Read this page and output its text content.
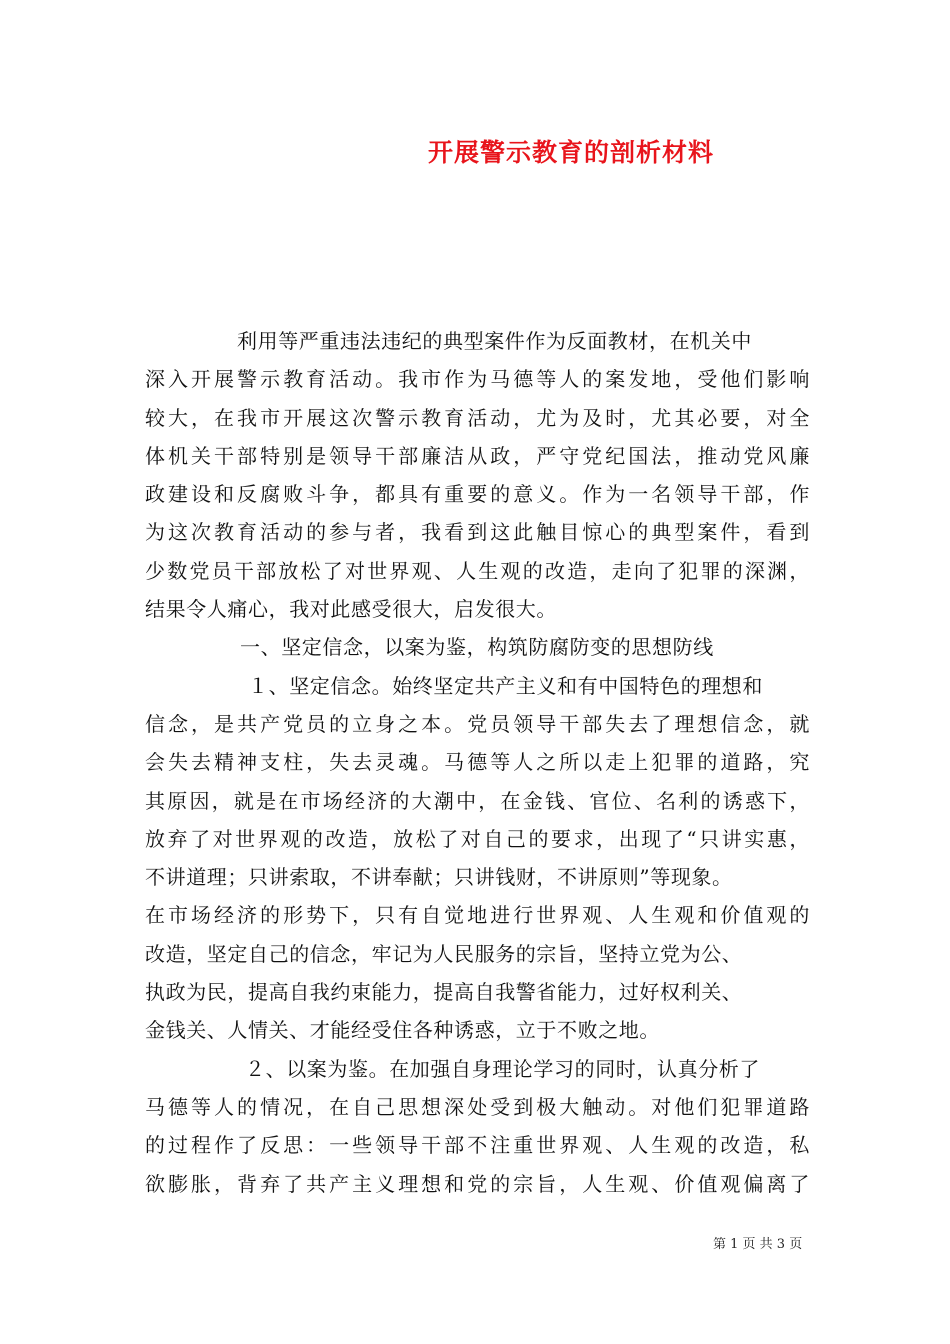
开展警示教育的剖析材料
利用等严重违法违纪的典型案件作为反面教材，在机关中
深入开展警示教育活动。我市作为马德等人的案发地，受他们影响
较大，在我市开展这次警示教育活动，尤为及时，尤其必要，对全
体机关干部特别是领导干部廉洁从政，严守党纪国法，推动党风廉
政建设和反腐败斗争，都具有重要的意义。作为一名领导干部，作
为这次教育活动的参与者，我看到这此触目惊心的典型案件，看到
少数党员干部放松了对世界观、人生观的改造，走向了犯罪的深渊，
结果令人痛心，我对此感受很大，启发很大。
一、坚定信念，以案为鉴，构筑防腐防变的思想防线
１、坚定信念。始终坚定共产主义和有中国特色的理想和
信念，是共产党员的立身之本。党员领导干部失去了理想信念，就
会失去精神支柱，失去灵魂。马德等人之所以走上犯罪的道路，究
其原因，就是在市场经济的大潮中，在金钱、官位、名利的诱惑下，
放弃了对世界观的改造，放松了对自己的要求，出现了“只讲实惠，
不讲道理；只讲索取，不讲奉献；只讲钱财，不讲原则”等现象。
在市场经济的形势下，只有自觉地进行世界观、人生观和价值观的
改造，坚定自己的信念，牢记为人民服务的宗旨，坚持立党为公、
执政为民，提高自我约束能力，提高自我警省能力，过好权利关、
金钱关、人情关、才能经受住各种诱惑，立于不败之地。
２、以案为鉴。在加强自身理论学习的同时，认真分析了
马德等人的情况，在自己思想深处受到极大触动。对他们犯罪道路
的过程作了反思：一些领导干部不注重世界观、人生观的改造，私
欲膨胀，背弃了共产主义理想和党的宗旨，人生观、价值观偏离了
第 1 页 共 3 页
